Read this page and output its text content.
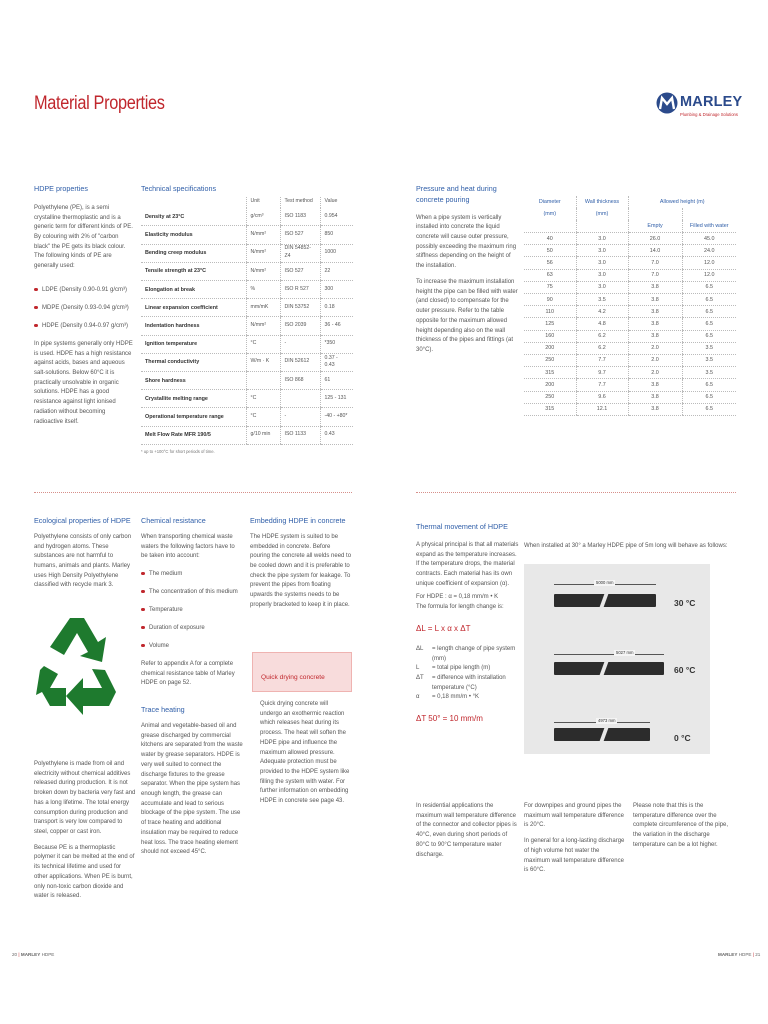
Material Properties	MARLEY
Plumbing & Drainage Solutions
HDPE properties
Polyethylene (PE), is a semi crystalline thermoplastic and is a generic term for different kinds of PE. By colouring with 2% of "carbon black" the PE gets its black colour. The following kinds of PE are generally used:
LDPE (Density 0.90-0.91 g/cm³)
MDPE (Density 0.93-0.94 g/cm³)
HDPE (Density 0.94-0.97 g/cm³)
In pipe systems generally only HDPE is used. HDPE has a high resistance against acids, bases and aqueous salt-solutions. Below 60°C it is practically unsolvable in organic solutions. HDPE has a good resistance against light ionised radiation without becoming radioactive itself.
Technical specifications
	Unit	Test method	Value
Density at 23°C	g/cm³	ISO 1183	0.954
Elasticity modulus	N/mm²	ISO 527	850
Bending creep modulus	N/mm²	DIN 54852-Z4	1000
Tensile strength at 23°C	N/mm²	ISO 527	22
Elongation at break	%	ISO R 527	300
Linear expansion coefficient	mm/mK	DIN 53752	0.18
Indentation hardness	N/mm²	ISO 2039	36 - 46
Ignition temperature	°C	-	*350
Thermal conductivity	W/m · K	DIN 52612	0.37 - 0.43
Shore hardness		ISO 868	61
Crystallite melting range	°C		125 - 131
Operational temperature range	°C	-	-40 - +80*
Melt Flow Rate MFR 190/5	g/10 min	ISO 1133	0.43
* up to +100°C for short periods of time.
Pressure and heat during
concrete pouring
When a pipe system is vertically installed into concrete the liquid concrete will cause outer pressure, possibly exceeding the maximum ring stiffness depending on the height of the installation.
To increase the maximum installation height the pipe can be filled with water (and closed) to compensate for the outer pressure. Refer to the table opposite for the maximum allowed height depending also on the wall thickness of the pipes and fittings (at 30°C).
Diameter	Wall thickness	Allowed height (m)	
(mm)	(mm)		
		Empty	Filled with water
40	3.0	26.0	45.0
50	3.0	14.0	24.0
56	3.0	7.0	12.0
63	3.0	7.0	12.0
75	3.0	3.8	6.5
90	3.5	3.8	6.5
110	4.2	3.8	6.5
125	4.8	3.8	6.5
160	6.2	3.8	6.5
200	6.2	2.0	3.5
250	7.7	2.0	3.5
315	9.7	2.0	3.5
200	7.7	3.8	6.5
250	9.6	3.8	6.5
315	12.1	3.8	6.5
Ecological properties of HDPE
Polyethylene consists of only carbon and hydrogen atoms. These substances are not harmful to humans, animals and plants. Marley uses High Density Polyethylene classified with recycle mark 3.
Polyethylene is made from oil and electricity without chemical additives released during production. It is not broken down by bacteria very fast and has a long lifetime. The total energy consumption during production and transport is very low compared to steel, copper or cast iron.
Because PE is a thermoplastic polymer it can be melted at the end of its technical lifetime and used for other applications. When PE is burnt, only non-toxic carbon dioxide and water is released.
Chemical resistance
When transporting chemical waste waters the following factors have to be taken into account:
The medium
The concentration of this medium
Temperature
Duration of exposure
Volume
Refer to appendix A for a complete chemical resistance table of Marley HDPE on page 52.
Trace heating
Animal and vegetable-based oil and grease discharged by commercial kitchens are separated from the waste water by grease separators. HDPE is very well suited to connect the discharge fixtures to the grease separator. When the pipe system has enough length, the grease can accumulate and lead to serious blockage of the pipe system. The use of trace heating and additional insulation may be required to reduce heat loss. The trace heating element should not exceed 45°C.
Embedding HDPE in concrete
The HDPE system is suited to be embedded in concrete. Before pouring the concrete all welds need to be cooled down and it is preferable to check the pipe system for leakage. To prevent the pipes from floating upwards the systems needs to be properly bracketed to keep it in place.
Quick drying concrete
Quick drying concrete will undergo an exothermic reaction which releases heat during its process. The heat will soften the HDPE pipe and influence the maximum allowed pressure. Adequate protection must be provided to the HDPE system like filling the system with water. For further information on embedding HDPE in concrete see page 43.
Thermal movement of HDPE
A physical principal is that all materials expand as the temperature increases. If the temperature drops, the material contracts. Each material has its own unique coefficient of expansion (α).
For HDPE : α = 0,18 mm/m • K
The formula for length change is:
ΔL = L x α x ΔT
ΔL	= length change of pipe system (mm)
L	= total pipe length (m)
ΔT	= difference with installation temperature (°C)
α	= 0,18 mm/m • °K
ΔT 50° = 10 mm/m
When installed at 30° a Marley HDPE pipe of 5m long will behave as follows:
5000 mm
30 °C
5027 mm
60 °C
4973 mm
0 °C
In residential applications the maximum wall temperature difference of the connector and collector pipes is 40°C, even during short periods of 80°C to 90°C temperature water discharge.
For downpipes and ground pipes the maximum wall temperature difference is 20°C.
In general for a long-lasting discharge of high volume hot water the maximum wall temperature difference is 60°C.
Please note that this is the temperature difference over the complete circumference of the pipe, the variation in the discharge temperature can be a lot higher.
20 | MARLEY HDPE	MARLEY HDPE | 21
